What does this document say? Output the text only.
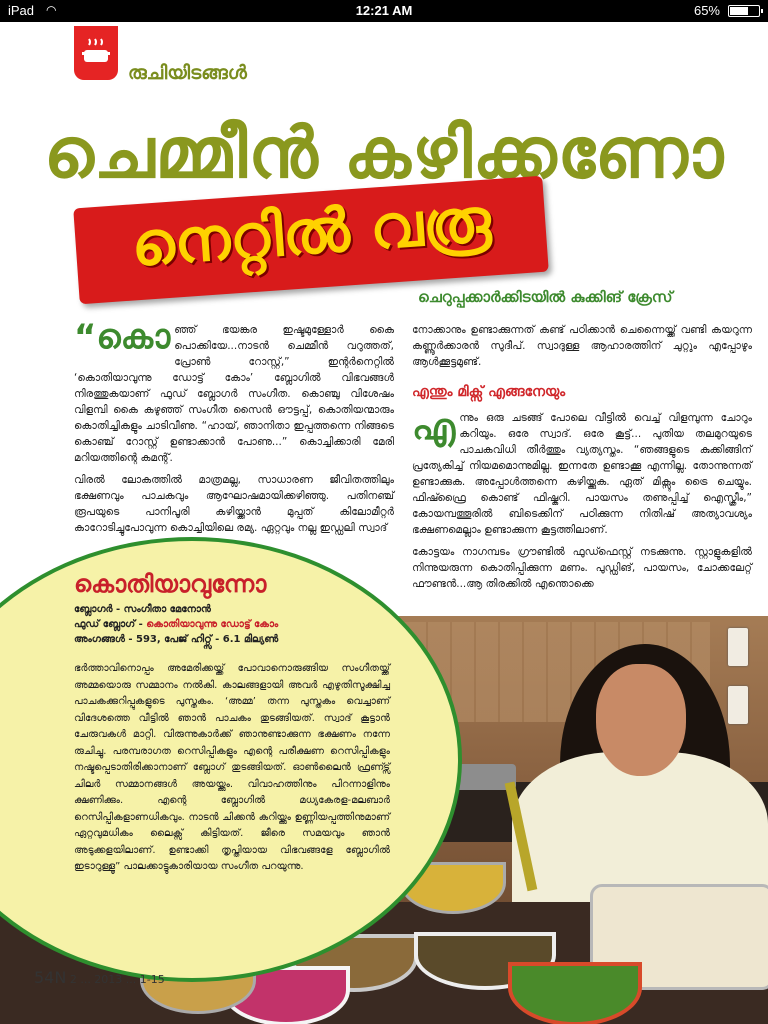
iPad ◠	12:21 AM	65%
രുചിയിടങ്ങൾ
ചെമ്മീൻ കഴിക്കണോ
നെറ്റിൽ വരൂ
ചെറുപ്പക്കാർക്കിടയിൽ കുക്കിങ് ക്രേസ്

“കൊഞ്ഞ് ഭയങ്കര ഇഷ്ടമുള്ളോർ കൈ പൊക്കിയേ...നാടൻ ചെമ്മീൻ വറുത്തത്, പ്രോൺ റോസ്റ്റ്,” ഇന്റർനെറ്റിൽ ‘കൊതിയാവുന്നു ഡോട്ട് കോം’ ബ്ലോഗിൽ വിഭവങ്ങൾ നിരത്തുകയാണ് ഫുഡ് ബ്ലോഗർ സംഗീത. കൊഞ്ചു വിശേഷം വിളമ്പി കൈ കഴുഞ്ഞ് സംഗീത സൈൻ ഔട്ടപ്പ്, കൊതിയന്മാരും കൊതിച്ചികളും ചാടിവീണു. “ഹായ്, ഞാനിതാ ഇപ്പത്തന്നെ നിങ്ങടെ കൊഞ്ച് റോസ്റ്റ് ഉണ്ടാക്കാൻ പോണു...” കൊച്ചിക്കാരി മേരി മറിയത്തിന്റെ കമന്റ്.

വിരൽ ലോകത്തിൽ മാത്രമല്ല, സാധാരണ ജീവിതത്തിലും ഭക്ഷണവും പാചകവും ആഘോഷമായിക്കഴിഞ്ഞു. പതിനഞ്ച് രൂപയുടെ പാനിപൂരി കഴിയ്ക്കാൻ മുപ്പത് കിലോമീറ്റർ കാറോടിച്ചുപോവുന്ന കൊച്ചിയിലെ രമ്യ. ഏറ്റവും നല്ല ഇഡ്ഡലി സ്വാദ്

നോക്കാനും ഉണ്ടാക്കുന്നത് കണ്ട് പഠിക്കാൻ ചെന്നൈയ്ക്ക് വണ്ടി കയറുന്ന കണ്ണൂർക്കാരൻ സുദീപ്. സ്വാദുള്ള ആഹാരത്തിന് ചുറ്റും എപ്പോഴും ആൾക്കൂട്ടമുണ്ട്.

എന്തും മിക്സ് എങ്ങനേയും

എന്നും ഒരു ചടങ്ങ് പോലെ വീട്ടിൽ വെച്ച് വിളമ്പുന്ന ചോറും കറിയും. ഒരേ സ്വാദ്. ഒരേ കൂട്ട്... പുതിയ തലമുറയുടെ പാചകവിധി തീർത്തും വ്യത്യസ്തം. “ഞങ്ങളുടെ കുക്കിങ്ങിന് പ്രത്യേകിച്ച് നിയമമൊന്നുമില്ല. ഇന്നതേ ഉണ്ടാക്കൂ എന്നില്ല. തോന്നുന്നത് ഉണ്ടാക്കുക. അപ്പോൾത്തന്നെ കഴിയ്ക്കുക. ഏത് മിക്സും ട്രൈ ചെയ്യും. ഫിഷ്ഫ്രൈ കൊണ്ട് ഫിഷ്കറി. പായസം തണുപ്പിച്ച് ഐസ്ക്രീം,” കോയമ്പത്തൂരിൽ ബിടെക്കിന് പഠിക്കുന്ന നിതിഷ് അത്യാവശ്യം ഭക്ഷണമെല്ലാം ഉണ്ടാക്കുന്ന കൂട്ടത്തിലാണ്.

കോട്ടയം നാഗമ്പടം ഗ്രൗണ്ടിൽ ഫുഡ്ഫെസ്റ്റ് നടക്കുന്നു. സ്റ്റാളുകളിൽ നിന്നുയരുന്ന കൊതിപ്പിക്കുന്ന മണം. പുഡ്ഡിങ്, പായസം, ചോക്കലേറ്റ് ഫൗണ്ടൻ...ആ തിരക്കിൽ എന്തൊക്കെ

കൊതിയാവുന്നോ
ബ്ലോഗർ - സംഗീതാ മേനോൻ
ഫുഡ് ബ്ലോഗ് - കൊതിയാവുന്നു ഡോട്ട് കോം
അംഗങ്ങൾ - 593, പേജ് ഹിറ്റ്സ് - 6.1 മില്യൺ
ഭർത്താവിനൊപ്പം അമേരിക്കയ്ക്ക് പോവാനൊരുങ്ങിയ സംഗീതയ്ക്ക് അമ്മയൊരു സമ്മാനം നൽകി. കാലങ്ങളായി അവർ എഴുതിസൂക്ഷിച്ച പാചകക്കുറിപ്പുകളുടെ പുസ്തകം. ‘അമ്മ’ തന്ന പുസ്തകം വെച്ചാണ് വിദേശത്തെ വീട്ടിൽ ഞാൻ പാചകം തുടങ്ങിയത്. സ്വാദ് കൂട്ടാൻ ചേരുവകൾ മാറ്റി. വിരുന്നുകാർക്ക് ഞാനുണ്ടാക്കുന്ന ഭക്ഷണം നന്നേ രുചിച്ചു. പരമ്പരാഗത റെസിപ്പികളും എന്റെ പരീക്ഷണ റെസിപ്പികളും നഷ്ടപ്പെടാതിരിക്കാനാണ് ബ്ലോഗ് തുടങ്ങിയത്. ഓൺലൈൻ ഫ്രണ്ട്സ് ചിലർ സമ്മാനങ്ങൾ അയയ്ക്കും. വിവാഹത്തിനും പിറന്നാളിനും ക്ഷണിക്കും. എന്റെ ബ്ലോഗിൽ മധ്യകേരള-മലബാർ റെസിപ്പികളാണധികവും. നാടൻ ചിക്കൻ കറിയ്ക്കും ഉണ്ണിയപ്പത്തിനുമാണ് ഏറ്റവുമധികം ലൈക്സ് കിട്ടിയത്. ജീരെ സമയവും ഞാൻ അടുക്കളയിലാണ്. ഉണ്ടാക്കി തൃപ്തിയായ വിഭവങ്ങളേ ബ്ലോഗിൽ ഇടാറുള്ളൂ” പാലക്കാട്ടുകാരിയായ സംഗീത പറയുന്നു.
54N 2 ... 2013 ... 1-15
